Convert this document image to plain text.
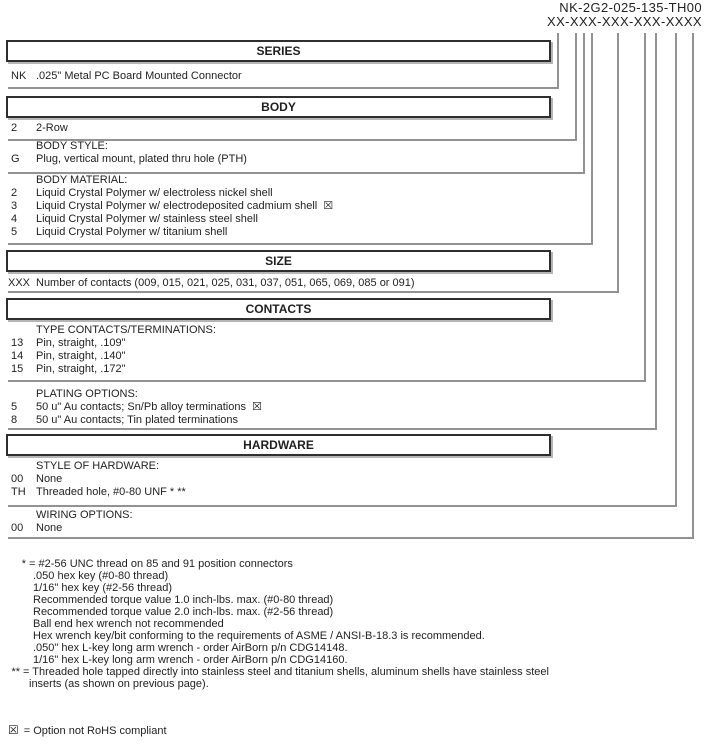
NK-2G2-025-135-TH00
XX-XXX-XXX-XXX-XXXX
SERIES
NK .025" Metal PC Board Mounted Connector
BODY
2	2-Row
BODY STYLE:
G	Plug, vertical mount, plated thru hole (PTH)
BODY MATERIAL:
2	Liquid Crystal Polymer w/ electroless nickel shell
3	Liquid Crystal Polymer w/ electrodeposited cadmium shell ☒
4	Liquid Crystal Polymer w/ stainless steel shell
5	Liquid Crystal Polymer w/ titanium shell
SIZE
XXX Number of contacts (009, 015, 021, 025, 031, 037, 051, 065, 069, 085 or 091)
CONTACTS
TYPE CONTACTS/TERMINATIONS:
13	Pin, straight, .109"
14	Pin, straight, .140"
15	Pin, straight, .172"
PLATING OPTIONS:
5	50 u" Au contacts; Sn/Pb alloy terminations ☒
8	50 u" Au contacts; Tin plated terminations
HARDWARE
STYLE OF HARDWARE:
00	None
TH Threaded hole, #0-80 UNF * **
WIRING OPTIONS:
00	None
* = #2-56 UNC thread on 85 and 91 position connectors
.050 hex key (#0-80 thread)
1/16" hex key (#2-56 thread)
Recommended torque value 1.0 inch-lbs. max. (#0-80 thread)
Recommended torque value 2.0 inch-lbs. max. (#2-56 thread)
Ball end hex wrench not recommended
Hex wrench key/bit conforming to the requirements of ASME / ANSI-B-18.3 is recommended.
.050" hex L-key long arm wrench - order AirBorn p/n CDG14148.
1/16" hex L-key long arm wrench - order AirBorn p/n CDG14160.
** = Threaded hole tapped directly into stainless steel and titanium shells, aluminum shells have stainless steel
inserts (as shown on previous page).
☒ = Option not RoHS compliant
